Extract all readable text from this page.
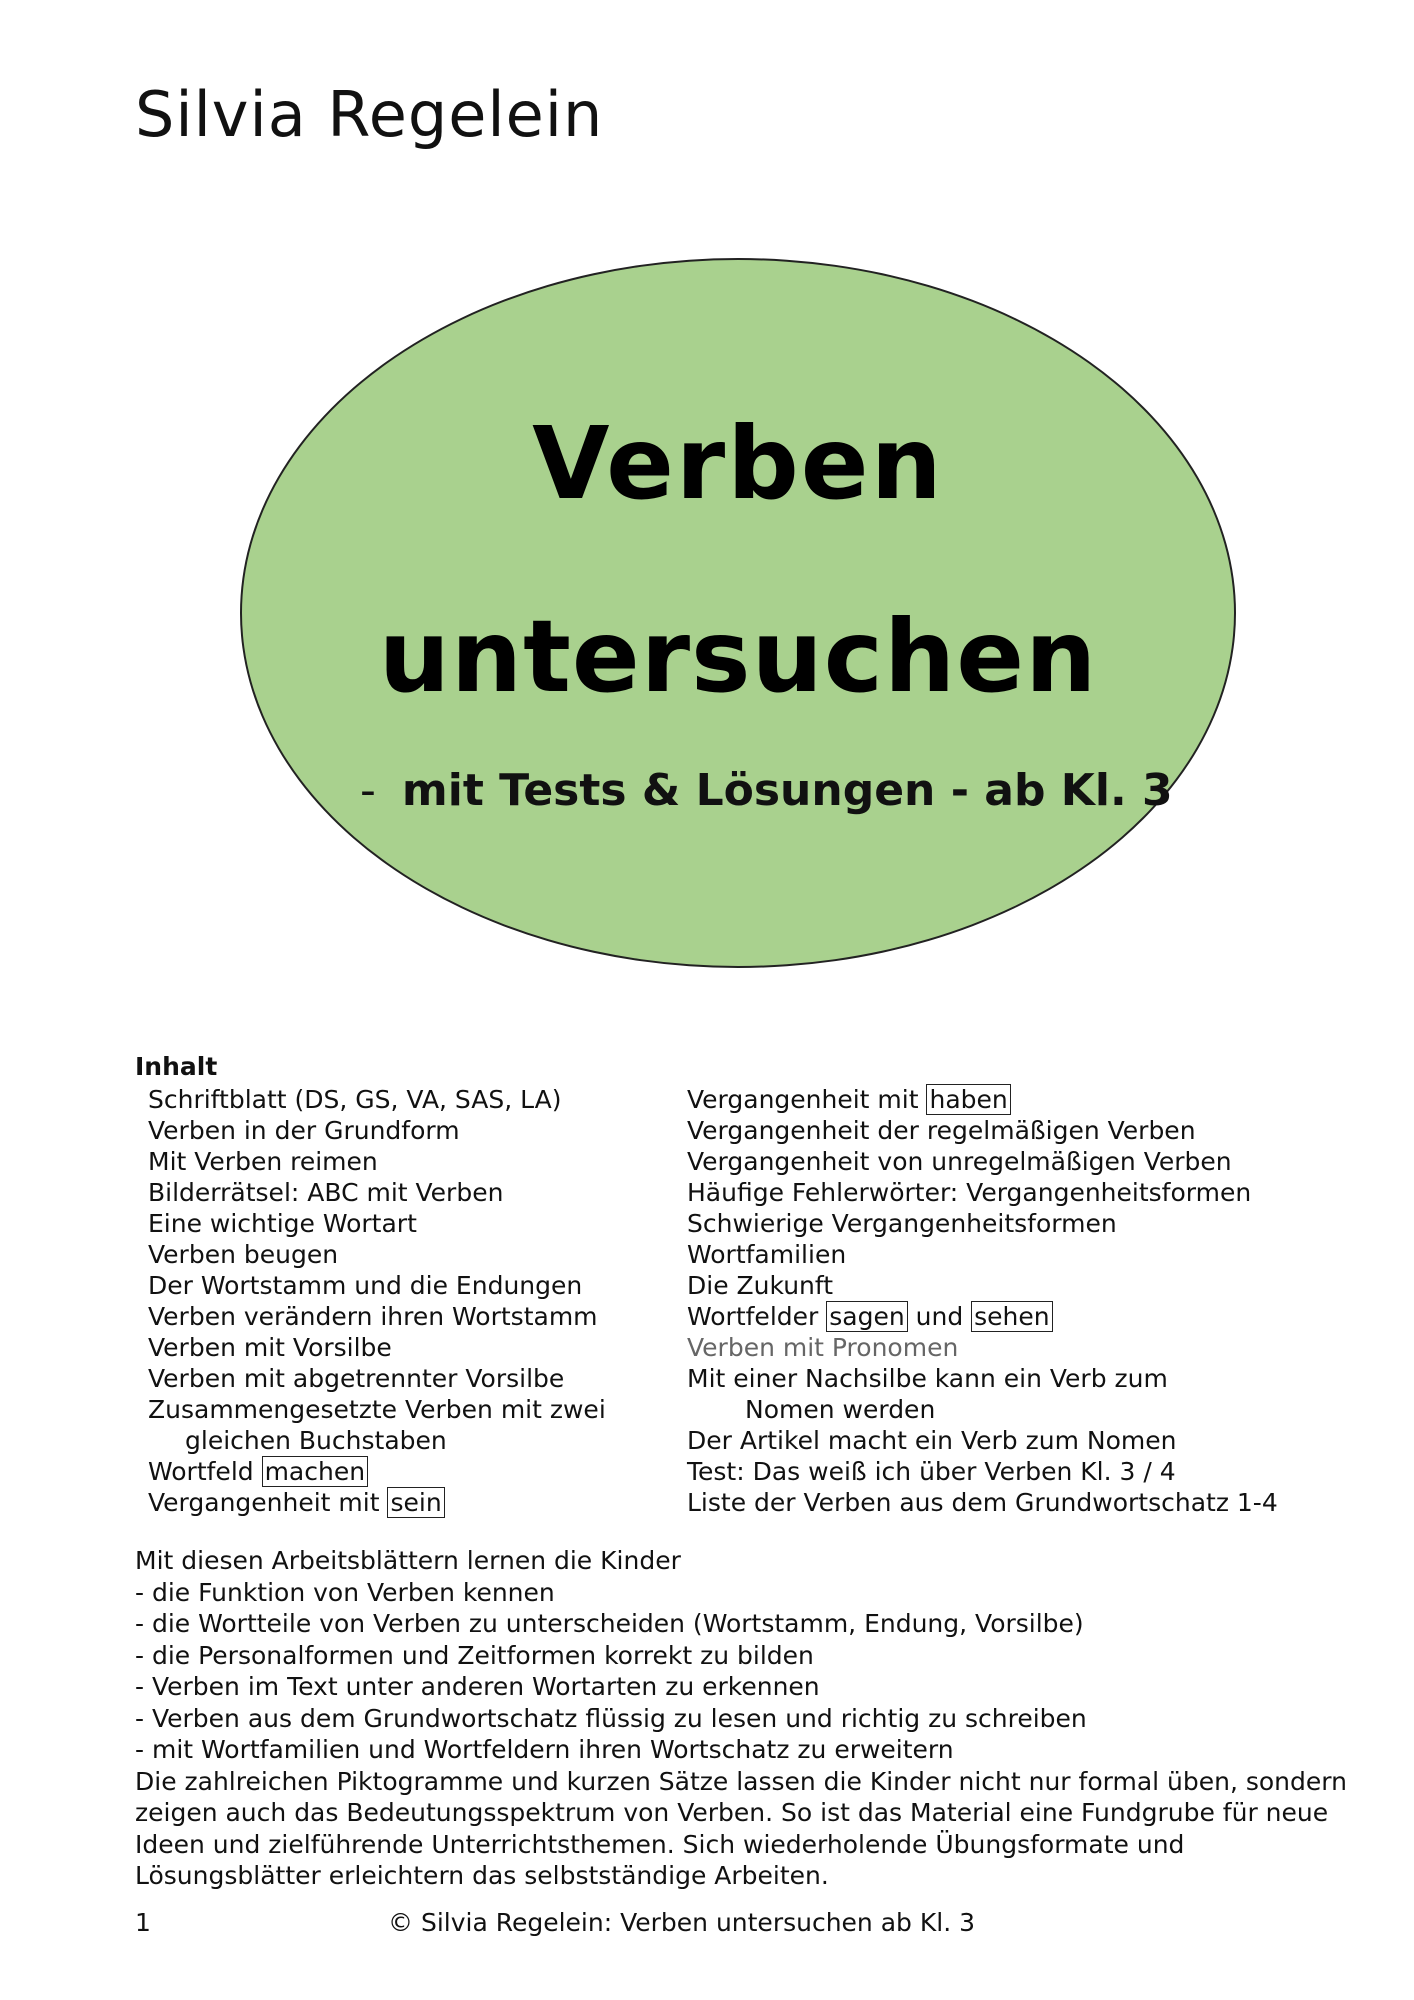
Silvia Regelein
Verben
untersuchen
- mit Tests & Lösungen - ab Kl. 3
Inhalt
Schriftblatt (DS, GS, VA, SAS, LA)
Verben in der Grundform
Mit Verben reimen
Bilderrätsel: ABC mit Verben
Eine wichtige Wortart
Verben beugen
Der Wortstamm und die Endungen
Verben verändern ihren Wortstamm
Verben mit Vorsilbe
Verben mit abgetrennter Vorsilbe
Zusammengesetzte Verben mit zwei
gleichen Buchstaben
Wortfeld machen
Vergangenheit mit sein
Vergangenheit mit haben
Vergangenheit der regelmäßigen Verben
Vergangenheit von unregelmäßigen Verben
Häufige Fehlerwörter: Vergangenheitsformen
Schwierige Vergangenheitsformen
Wortfamilien
Die Zukunft
Wortfelder sagen und sehen
Verben mit Pronomen
Mit einer Nachsilbe kann ein Verb zum
Nomen werden
Der Artikel macht ein Verb zum Nomen
Test: Das weiß ich über Verben Kl. 3 / 4
Liste der Verben aus dem Grundwortschatz 1-4
Mit diesen Arbeitsblättern lernen die Kinder
- die Funktion von Verben kennen
- die Wortteile von Verben zu unterscheiden (Wortstamm, Endung, Vorsilbe)
- die Personalformen und Zeitformen korrekt zu bilden
- Verben im Text unter anderen Wortarten zu erkennen
- Verben aus dem Grundwortschatz flüssig zu lesen und richtig zu schreiben
- mit Wortfamilien und Wortfeldern ihren Wortschatz zu erweitern
Die zahlreichen Piktogramme und kurzen Sätze lassen die Kinder nicht nur formal üben, sondern
zeigen auch das Bedeutungsspektrum von Verben. So ist das Material eine Fundgrube für neue
Ideen und zielführende Unterrichtsthemen. Sich wiederholende Übungsformate und
Lösungsblätter erleichtern das selbstständige Arbeiten.
1	© Silvia Regelein: Verben untersuchen ab Kl. 3
